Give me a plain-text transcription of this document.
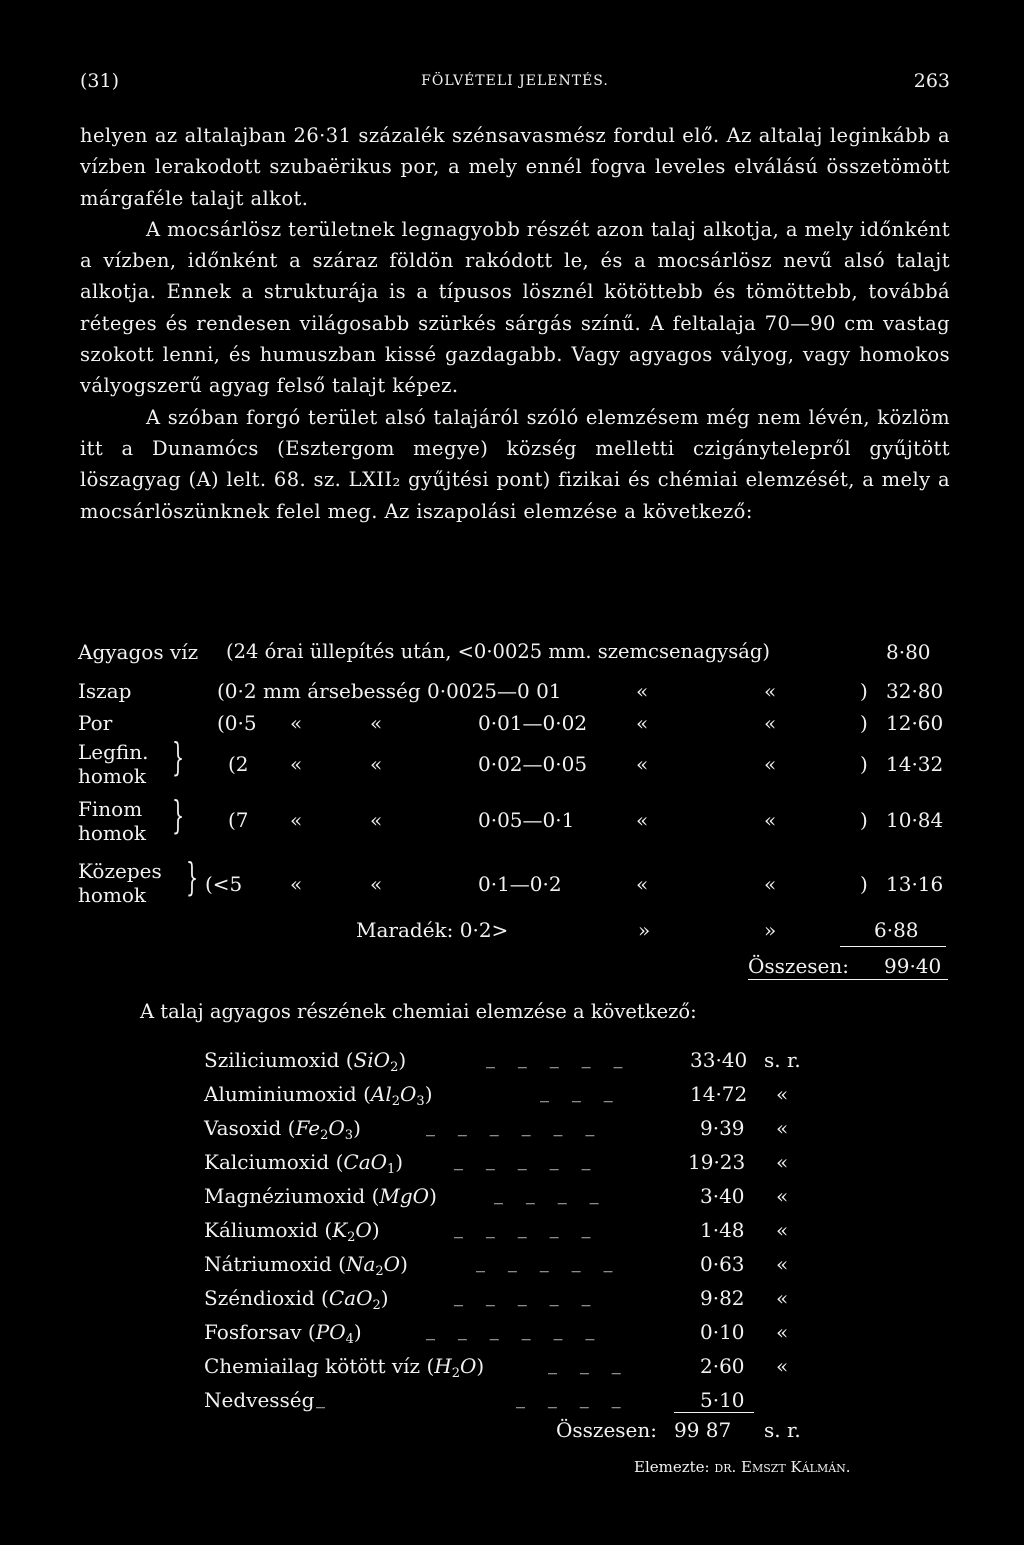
(31)	FÖLVÉTELI JELENTÉS.	263

helyen az altalajban 26·31 százalék szénsavasmész fordul elő. Az altalaj leginkább a vízben lerakodott szubaërikus por, a mely ennél fogva leveles elválású összetömött márgaféle talajt alkot.

A mocsárlösz területnek legnagyobb részét azon talaj alkotja, a mely időnként a vízben, időnként a száraz földön rakódott le, és a mocsárlösz nevű alsó talajt alkotja. Ennek a strukturája is a típusos lösznél kötöttebb és tömöttebb, továbbá réteges és rendesen világosabb szürkés sárgás színű. A feltalaja 70—90 cm vastag szokott lenni, és humuszban kissé gazdagabb. Vagy agyagos vályog, vagy homokos vályogszerű agyag felső talajt képez.

A szóban forgó terület alsó talajáról szóló elemzésem még nem lévén, közlöm itt a Dunamócs (Esztergom megye) község melletti czigánytelepről gyűjtött löszagyag (A) lelt. 68. sz. LXII₂ gyűjtési pont) fizikai és chémiai elemzését, a mely a mocsárlöszünknek felel meg. Az iszapolási elemzése a következő:

Agyagos víz (24 órai üllepítés után, <0·0025 mm. szemcsenagyság)	8·80
Iszap	(0·2 mm ársebesség 0·0025—0 01	«	«	) 32·80
Por	(0·5 «	«	0·01—0·02 «	«	) 12·60
Legfin.
homok } (2 «	«	0·02—0·05 «	«	) 14·32
Finom
homok } (7 «	«	0·05—0·1	«	«	) 10·84
Közepes
homok } (<5 «	«	0·1—0·2	«	«	) 13·16
Maradék: 0·2>	»	»	6·88
Összesen: 99·40
A talaj agyagos részének chemiai elemzése a következő:
Sziliciumoxid (SiO$_2$)	_    _    _    _    _	33·40 s. r.
Aluminiumoxid $(Al_2O_3)$	_    _    _	14·72 «
Vasoxid $(Fe_2O_3)$	_    _    _    _    _    _	9·39 «
Kalciumoxid (CaO$_1$)	_    _    _    _    _	19·23 «
Magnéziumoxid (MgO)	_    _    _    _	3·40 «
Káliumoxid $(K_2O)$	_    _    _    _    _	1·48 «
Nátriumoxid $(Na_2O)$	_    _    _    _    _	0·63 «
Széndioxid (CaO$_2$)	_    _    _    _    _	9·82 «
Fosforsav $(PO_4)$	_    _    _    _    _    _	0·10 «
Chemiailag kötött víz $(H_2O)$	_    _    _	2·60 «
Nedvesség _	_    _    _    _	5·10
Összesen: 99 87 s. r.
Elemezte: dr. Emszt Kálmán.
